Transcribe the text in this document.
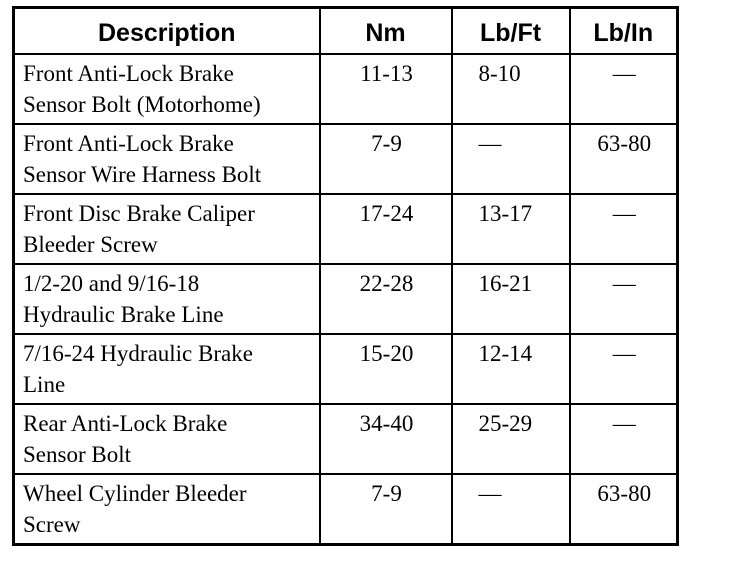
Description	Nm	Lb/Ft	Lb/In
Front Anti-Lock Brake
Sensor Bolt (Motorhome)	11-13	8-10	—
Front Anti-Lock Brake
Sensor Wire Harness Bolt	7-9	—	63-80
Front Disc Brake Caliper
Bleeder Screw	17-24	13-17	—
1/2-20 and 9/16-18
Hydraulic Brake Line	22-28	16-21	—
7/16-24 Hydraulic Brake
Line	15-20	12-14	—
Rear Anti-Lock Brake
Sensor Bolt	34-40	25-29	—
Wheel Cylinder Bleeder
Screw	7-9	—	63-80
